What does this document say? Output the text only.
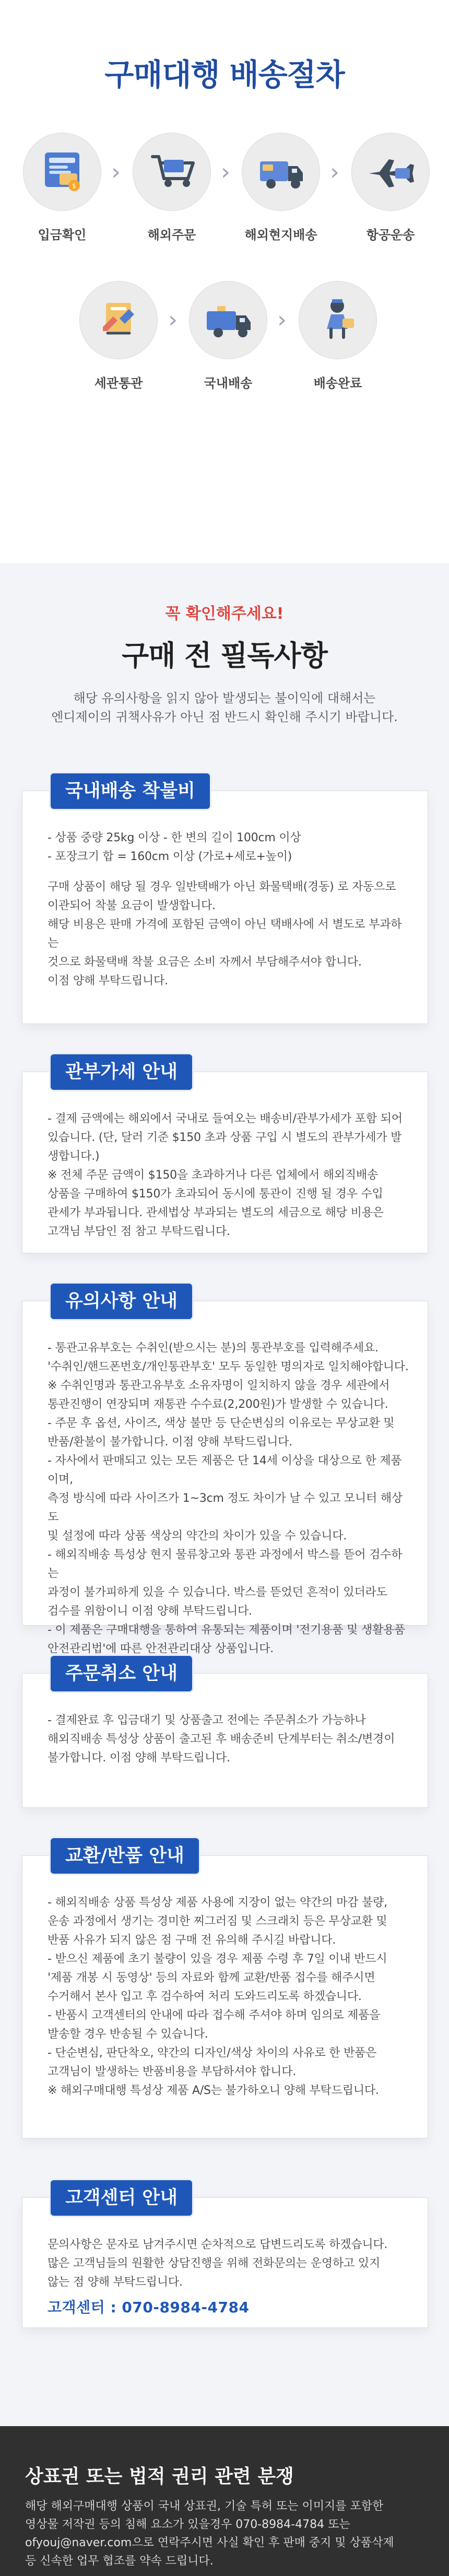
구매대행 배송절차
$
입금확인
›
해외주문
›
해외현지배송
›
항공운송
세관통관
›
국내배송
›
배송완료
꼭 확인해주세요!
구매 전 필독사항
해당 유의사항을 읽지 않아 발생되는 불이익에 대해서는
엔디제이의 귀책사유가 아닌 점 반드시 확인해 주시기 바랍니다.
국내배송 착불비

- 상품 중량 25kg 이상 - 한 변의 길이 100cm 이상

- 포장크기 합 = 160cm 이상 (가로+세로+높이)

구매 상품이 해당 될 경우 일반택배가 아닌 화물택배(경동) 로 자동으로

이관되어 착불 요금이 발생합니다.

해당 비용은 판매 가격에 포함된 금액이 아닌 택배사에 서 별도로 부과하는

것으로 화물택배 착불 요금은 소비 자께서 부담해주셔야 합니다.

이점 양해 부탁드립니다.

관부가세 안내

- 결제 금액에는 해외에서 국내로 들여오는 배송비/관부가세가 포함 되어

있습니다. (단, 달러 기준 $150 초과 상품 구입 시 별도의 관부가세가 발생합니다.)

※ 전체 주문 금액이 $150을 초과하거나 다른 업체에서 해외직배송

상품을 구매하여 $150가 초과되어 동시에 통관이 진행 될 경우 수입

관세가 부과됩니다. 관세법상 부과되는 별도의 세금으로 해당 비용은

고객님 부담인 점 참고 부탁드립니다.

유의사항 안내

- 통관고유부호는 수취인(받으시는 분)의 통관부호를 입력해주세요.

'수취인/핸드폰번호/개인통관부호' 모두 동일한 명의자로 일치해야합니다.

※ 수취인명과 통관고유부호 소유자명이 일치하지 않을 경우 세관에서

통관진행이 연장되며 재통관 수수료(2,200원)가 발생할 수 있습니다.

- 주문 후 옵션, 사이즈, 색상 불만 등 단순변심의 이유로는 무상교환 및

반품/환불이 불가합니다. 이점 양해 부탁드립니다.

- 자사에서 판매되고 있는 모든 제품은 단 14세 이상을 대상으로 한 제품이며,

측정 방식에 따라 사이즈가 1~3cm 정도 차이가 날 수 있고 모니터 해상도

및 설정에 따라 상품 색상의 약간의 차이가 있을 수 있습니다.

- 해외직배송 특성상 현지 물류창고와 통관 과정에서 박스를 뜯어 검수하는

과정이 불가피하게 있을 수 있습니다. 박스를 뜯었던 흔적이 있더라도

검수를 위함이니 이점 양해 부탁드립니다.

- 이 제품은 구매대행을 통하여 유통되는 제품이며 '전기용품 및 생활용품

안전관리법'에 따른 안전관리대상 상품입니다.

주문취소 안내

- 결제완료 후 입금대기 및 상품출고 전에는 주문취소가 가능하나

해외직배송 특성상 상품이 출고된 후 배송준비 단계부터는 취소/변경이

불가합니다. 이점 양해 부탁드립니다.

교환/반품 안내

- 해외직배송 상품 특성상 제품 사용에 지장이 없는 약간의 마감 불량,

운송 과정에서 생기는 경미한 찌그러짐 및 스크래치 등은 무상교환 및

반품 사유가 되지 않은 점 구매 전 유의해 주시길 바랍니다.

- 받으신 제품에 초기 불량이 있을 경우 제품 수령 후 7일 이내 반드시

'제품 개봉 시 동영상' 등의 자료와 함께 교환/반품 접수를 해주시면

수거해서 본사 입고 후 검수하여 처리 도와드리도록 하겠습니다.

- 반품시 고객센터의 안내에 따라 접수해 주셔야 하며 임의로 제품을

발송할 경우 반송될 수 있습니다.

- 단순변심, 판단착오, 약간의 디자인/색상 차이의 사유로 한 반품은

고객님이 발생하는 반품비용을 부담하셔야 합니다.

※ 해외구매대행 특성상 제품 A/S는 불가하오니 양해 부탁드립니다.

고객센터 안내

문의사항은 문자로 남겨주시면 순차적으로 답변드리도록 하겠습니다.

많은 고객님들의 원활한 상담진행을 위해 전화문의는 운영하고 있지

않는 점 양해 부탁드립니다.

고객센터 : 070-8984-4784

상표권 또는 법적 권리 관련 분쟁
해당 해외구매대행 상품이 국내 상표권, 기술 특허 또는 이미지를 포함한
영상물 저작권 등의 침해 요소가 있을경우 070-8984-4784 또는
ofyouj@naver.com으로 연락주시면 사실 확인 후 판매 중지 및 상품삭제
등 신속한 업무 협조를 약속 드립니다.
